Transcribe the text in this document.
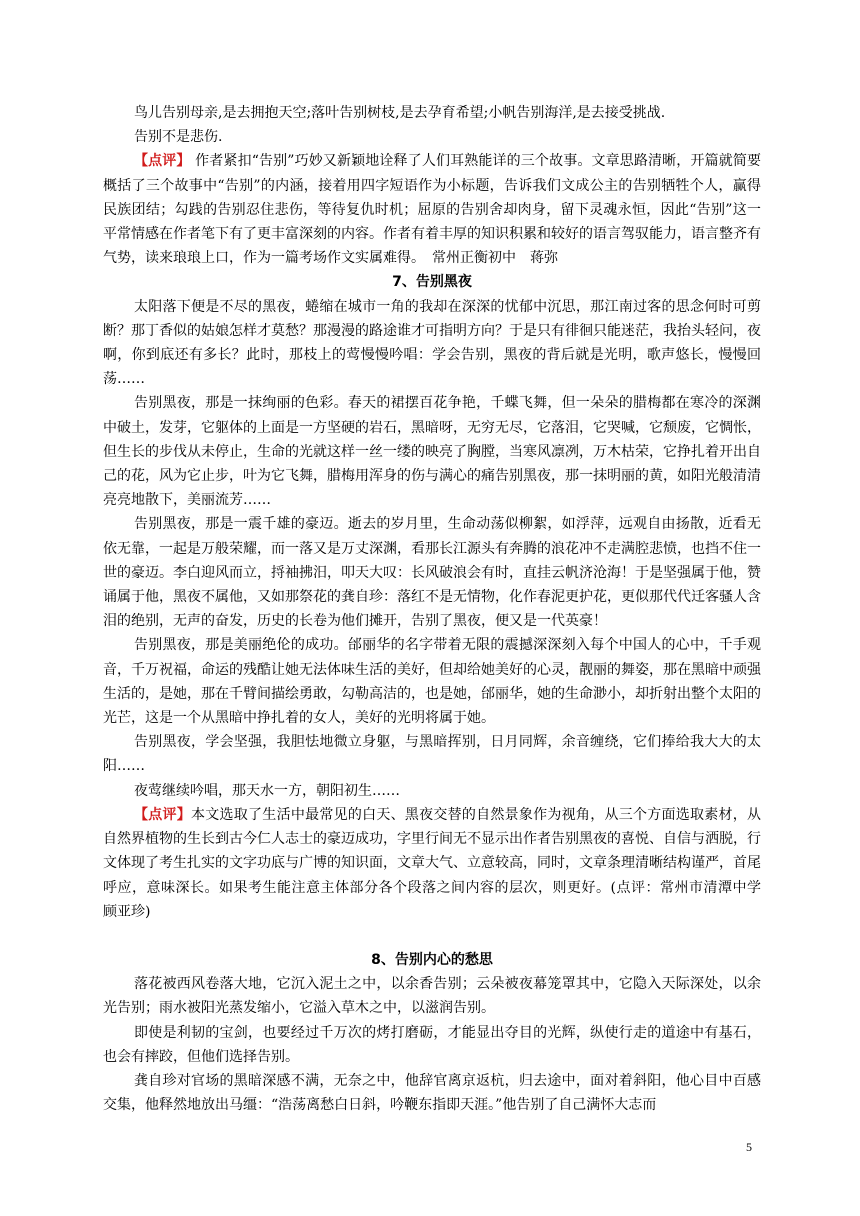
鸟儿告别母亲,是去拥抱天空;落叶告别树枝,是去孕育希望;小帆告别海洋,是去接受挑战.

告别不是悲伤.

【点评】 作者紧扣“告别”巧妙又新颖地诠释了人们耳熟能详的三个故事。文章思路清晰，开篇就简要概括了三个故事中“告别”的内涵，接着用四字短语作为小标题，告诉我们文成公主的告别牺牲个人，赢得民族团结；勾践的告别忍住悲伤，等待复仇时机；屈原的告别舍却肉身，留下灵魂永恒，因此“告别”这一平常情感在作者笔下有了更丰富深刻的内容。作者有着丰厚的知识积累和较好的语言驾驭能力，语言整齐有气势，读来琅琅上口，作为一篇考场作文实属难得。　常州正衡初中　蒋弥

7、告别黑夜

太阳落下便是不尽的黑夜，蜷缩在城市一角的我却在深深的忧郁中沉思，那江南过客的思念何时可剪断？那丁香似的姑娘怎样才莫愁？那漫漫的路途谁才可指明方向？于是只有徘徊只能迷茫，我抬头轻问，夜啊，你到底还有多长？此时，那枝上的莺慢慢吟唱：学会告别，黑夜的背后就是光明，歌声悠长，慢慢回荡……

告别黑夜，那是一抹绚丽的色彩。春天的裙摆百花争艳，千蝶飞舞，但一朵朵的腊梅都在寒冷的深渊中破土，发芽，它躯体的上面是一方坚硬的岩石，黑暗呀，无穷无尽，它落泪，它哭喊，它颓废，它惆怅，但生长的步伐从未停止，生命的光就这样一丝一缕的映亮了胸膛，当寒风凛冽，万木枯荣，它挣扎着开出自己的花，风为它止步，叶为它飞舞，腊梅用浑身的伤与满心的痛告别黑夜，那一抹明丽的黄，如阳光般清清亮亮地散下，美丽流芳……

告别黑夜，那是一震千雄的豪迈。逝去的岁月里，生命动荡似柳絮，如浮萍，远观自由扬散，近看无依无靠，一起是万般荣耀，而一落又是万丈深渊，看那长江源头有奔腾的浪花冲不走满腔悲愤，也挡不住一世的豪迈。李白迎风而立，捋袖拂汨，叩天大叹：长风破浪会有时，直挂云帆济沧海！于是坚强属于他，赞诵属于他，黑夜不属他，又如那祭花的龚自珍：落红不是无情物，化作春泥更护花，更似那代代迁客骚人含泪的绝别，无声的奋发，历史的长卷为他们摊开，告别了黑夜，便又是一代英豪！

告别黑夜，那是美丽绝伦的成功。邰丽华的名字带着无限的震撼深深刻入每个中国人的心中，千手观音，千万祝福，命运的残酷让她无法体味生活的美好，但却给她美好的心灵，靓丽的舞姿，那在黑暗中顽强生活的，是她，那在千臂间描绘勇敢，勾勒高洁的，也是她，邰丽华，她的生命渺小，却折射出整个太阳的光芒，这是一个从黑暗中挣扎着的女人，美好的光明将属于她。

告别黑夜，学会坚强，我胆怯地微立身躯，与黑暗挥别，日月同辉，余音缠绕，它们捧给我大大的太阳……

夜莺继续吟唱，那天水一方，朝阳初生……

【点评】本文选取了生活中最常见的白天、黑夜交替的自然景象作为视角，从三个方面选取素材，从自然界植物的生长到古今仁人志士的豪迈成功，字里行间无不显示出作者告别黑夜的喜悦、自信与洒脱，行文体现了考生扎实的文字功底与广博的知识面，文章大气、立意较高，同时，文章条理清晰结构谨严，首尾呼应，意味深长。如果考生能注意主体部分各个段落之间内容的层次，则更好。(点评：常州市清潭中学　顾亚珍)

8、告别内心的愁思

落花被西风卷落大地，它沉入泥土之中，以余香告别；云朵被夜幕笼罩其中，它隐入天际深处，以余光告别；雨水被阳光蒸发缩小，它溢入草木之中，以滋润告别。

即使是利韧的宝剑，也要经过千万次的烤打磨砺，才能显出夺目的光辉，纵使行走的道途中有基石，也会有摔跤，但他们选择告别。

龚自珍对官场的黑暗深感不满，无奈之中，他辞官离京返杭，归去途中，面对着斜阳，他心目中百感交集，他释然地放出马缰：“浩荡离愁白日斜，吟鞭东指即天涯。”他告别了自己满怀大志而

5
